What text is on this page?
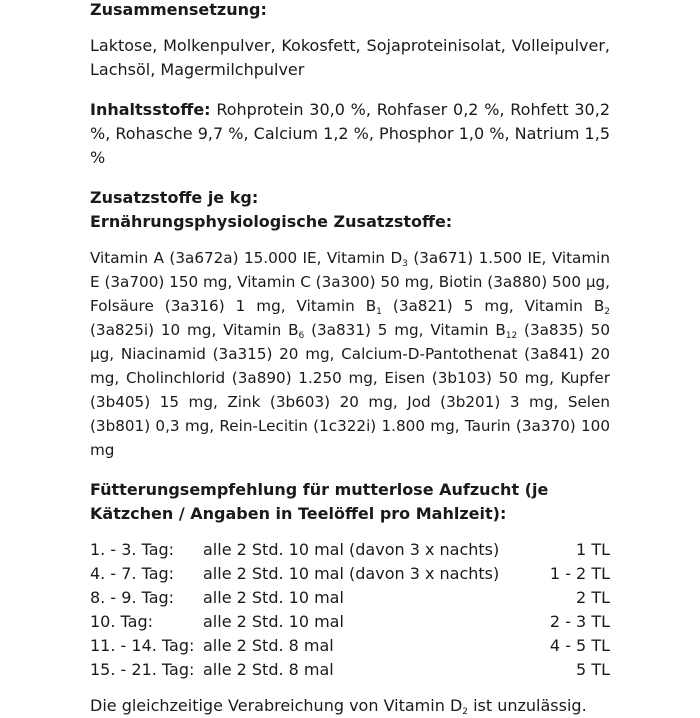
Zusammensetzung:
Laktose, Molkenpulver, Kokosfett, Sojaproteinisolat, Volleipulver, Lachsöl, Magermilchpulver
Inhaltsstoffe: Rohprotein 30,0 %, Rohfaser 0,2 %, Rohfett 30,2 %, Rohasche 9,7 %, Calcium 1,2 %, Phosphor 1,0 %, Natrium 1,5 %
Zusatzstoffe je kg:
Ernährungsphysiologische Zusatzstoffe:
Vitamin A (3a672a) 15.000 IE, Vitamin $D_3$ (3a671) 1.500 IE, Vitamin E (3a700) 150 mg, Vitamin C (3a300) 50 mg, Biotin (3a880) 500 µg, Folsäure (3a316) 1 mg, Vitamin $B_1$ (3a821) 5 mg, Vitamin $B_2$ (3a825i) 10 mg, Vitamin $B_6$ (3a831) 5 mg, Vitamin $B_{12}$ (3a835) 50 µg, Niacinamid (3a315) 20 mg, Calcium-D-Pantothenat (3a841) 20 mg, Cholinchlorid (3a890) 1.250 mg, Eisen (3b103) 50 mg, Kupfer (3b405) 15 mg, Zink (3b603) 20 mg, Jod (3b201) 3 mg, Selen (3b801) 0,3 mg, Rein-Lecitin (1c322i) 1.800 mg, Taurin (3a370) 100 mg
Fütterungsempfehlung für mutterlose Aufzucht (je Kätzchen / Angaben in Teelöffel pro Mahlzeit):
1. - 3. Tag:	alle 2 Std. 10 mal (davon 3 x nachts)	1 TL
4. - 7. Tag:	alle 2 Std. 10 mal (davon 3 x nachts)	1 - 2 TL
8. - 9. Tag:	alle 2 Std. 10 mal	2 TL
10. Tag:	alle 2 Std. 10 mal	2 - 3 TL
11. - 14. Tag: alle 2 Std. 8 mal	4 - 5 TL
15. - 21. Tag: alle 2 Std. 8 mal	5 TL
Die gleichzeitige Verabreichung von Vitamin $D_2$ ist unzulässig.
